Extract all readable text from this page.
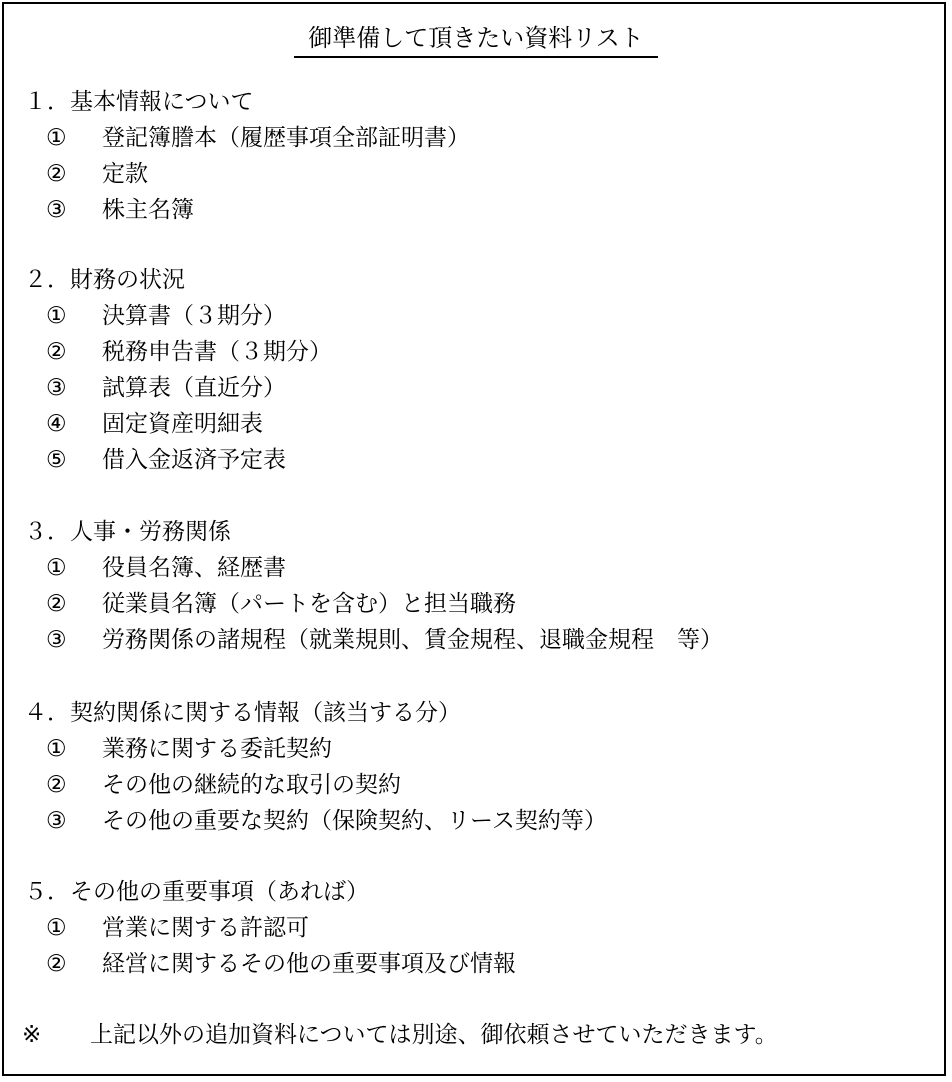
御準備して頂きたい資料リスト
１．基本情報について
①	登記簿謄本（履歴事項全部証明書）
②	定款
③	株主名簿
２．財務の状況
①	決算書（３期分）
②	税務申告書（３期分）
③	試算表（直近分）
④	固定資産明細表
⑤	借入金返済予定表
３．人事・労務関係
①	役員名簿、経歴書
②	従業員名簿（パートを含む）と担当職務
③	労務関係の諸規程（就業規則、賃金規程、退職金規程　等）
４．契約関係に関する情報（該当する分）
①	業務に関する委託契約
②	その他の継続的な取引の契約
③	その他の重要な契約（保険契約、リース契約等）
５．その他の重要事項（あれば）
①	営業に関する許認可
②	経営に関するその他の重要事項及び情報
※	上記以外の追加資料については別途、御依頼させていただきます。
